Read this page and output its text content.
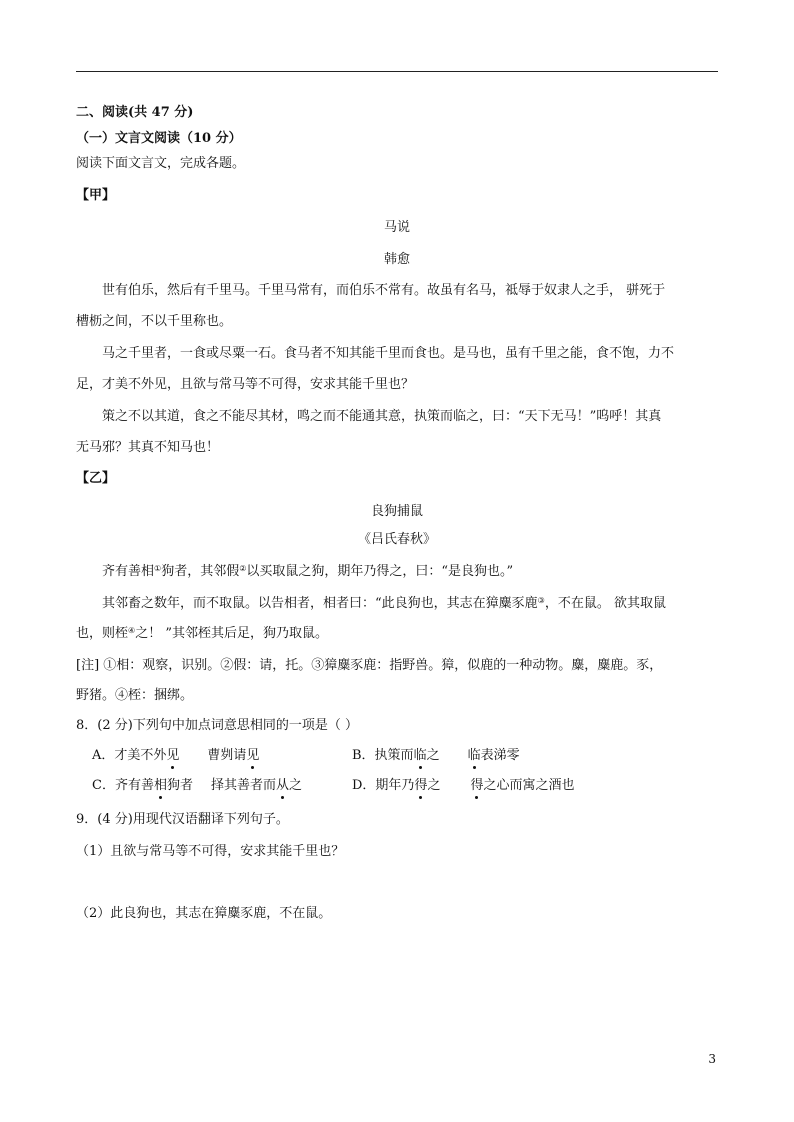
二、阅读(共 47 分)
（一）文言文阅读（10 分）
阅读下面文言文，完成各题。
【甲】
马说
韩愈
世有伯乐，然后有千里马。千里马常有，而伯乐不常有。故虽有名马，祗辱于奴隶人之手， 骈死于
槽枥之间，不以千里称也。
马之千里者，一食或尽粟一石。食马者不知其能千里而食也。是马也，虽有千里之能，食不饱，力不
足，才美不外见，且欲与常马等不可得，安求其能千里也？
策之不以其道，食之不能尽其材，鸣之而不能通其意，执策而临之，曰：“天下无马！”呜呼！其真
无马邪？其真不知马也！
【乙】
良狗捕鼠
《吕氏春秋》
齐有善相①狗者，其邻假②以买取鼠之狗，期年乃得之，曰：“是良狗也。”
其邻畜之数年，而不取鼠。以告相者，相者曰：“此良狗也，其志在獐麋豕鹿③，不在鼠。 欲其取鼠
也，则桎④之！ ”其邻桎其后足，狗乃取鼠。
[注] ①相：观察，识别。②假：请，托。③獐麋豕鹿：指野兽。獐，似鹿的一种动物。麋，麋鹿。豕，
野猪。④桎：捆绑。
8．(2 分)下列句中加点词意思相同的一项是（ ）
A．才美不外见 曹刿请见	B．执策而临之 临表涕零
C．齐有善相狗者 择其善者而从之	D．期年乃得之 得之心而寓之酒也
9．(4 分)用现代汉语翻译下列句子。
（1）且欲与常马等不可得，安求其能千里也？
（2）此良狗也，其志在獐麋豕鹿，不在鼠。
3
